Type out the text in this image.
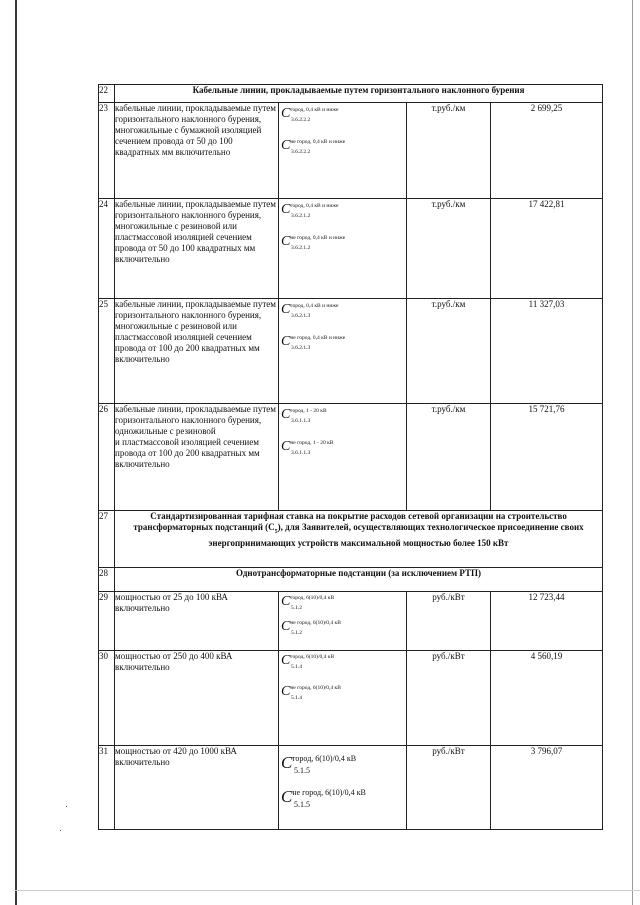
22	Кабельные линии, прокладываемые путем горизонтального наклонного бурения			
23	кабельные линии, прокладываемые путем горизонтального наклонного бурения, многожильные с бумажной изоляцией сечением провода от 50 до 100 квадратных мм включительно	$C^{город, 0,4 кВ и ниже}$
3.6.2.2.2
$C^{не город, 0,4 кВ и ниже}$
3.6.2.2.2	т.руб./км	2 699,25
24	кабельные линии, прокладываемые путем горизонтального наклонного бурения, многожильные с резиновой или пластмассовой изоляцией сечением провода от 50 до 100 квадратных мм включительно	$C^{город, 0,4 кВ и ниже}$
3.6.2.1.2
$C^{не город, 0,4 кВ и ниже}$
3.6.2.1.2	т.руб./км	17 422,81
25	кабельные линии, прокладываемые путем горизонтального наклонного бурения, многожильные с резиновой или пластмассовой изоляцией сечением провода от 100 до 200 квадратных мм включительно	$C^{город, 0,4 кВ и ниже}$
3.6.2.1.3
$C^{не город, 0,4 кВ и ниже}$
3.6.2.1.3	т.руб./км	11 327,03
26	кабельные линии, прокладываемые путем горизонтального наклонного бурения, одножильные с резиновой
и пластмассовой изоляцией сечением провода от 100 до 200 квадратных мм включительно	$C^{город, 1 - 20 кВ}$
3.6.1.1.3
$C^{не город, 1 - 20 кВ}$
3.6.1.1.3	т.руб./км	15 721,76
27	Стандартизированная тарифная ставка на покрытие расходов сетевой организации на строительство трансформаторных подстанций $(С_5)$, для Заявителей, осуществляющих технологическое присоединение своих энергопринимающих устройств максимальной мощностью более 150 кВт			
28	Однотрансформаторные подстанции (за исключением РТП)			
29	мощностью от 25 до 100 кВА включительно	$C^{город, 6(10)/0,4 кВ}$
5.1.2
$C^{не город, 6(10)/0,4 кВ}$
5.1.2	руб./кВт	12 723,44
30	мощностью от 250 до 400 кВА включительно	$C^{город, 6(10)/0,4 кВ}$
5.1.4
$C^{не город, 6(10)/0,4 кВ}$
5.1.4	руб./кВт	4 560,19
31	мощностью от 420 до 1000 кВА включительно	Cгород, 6(10)/0,4 кВ
5.1.5
Cне город, 6(10)/0,4 кВ
5.1.5	руб./кВт	3 796,07
